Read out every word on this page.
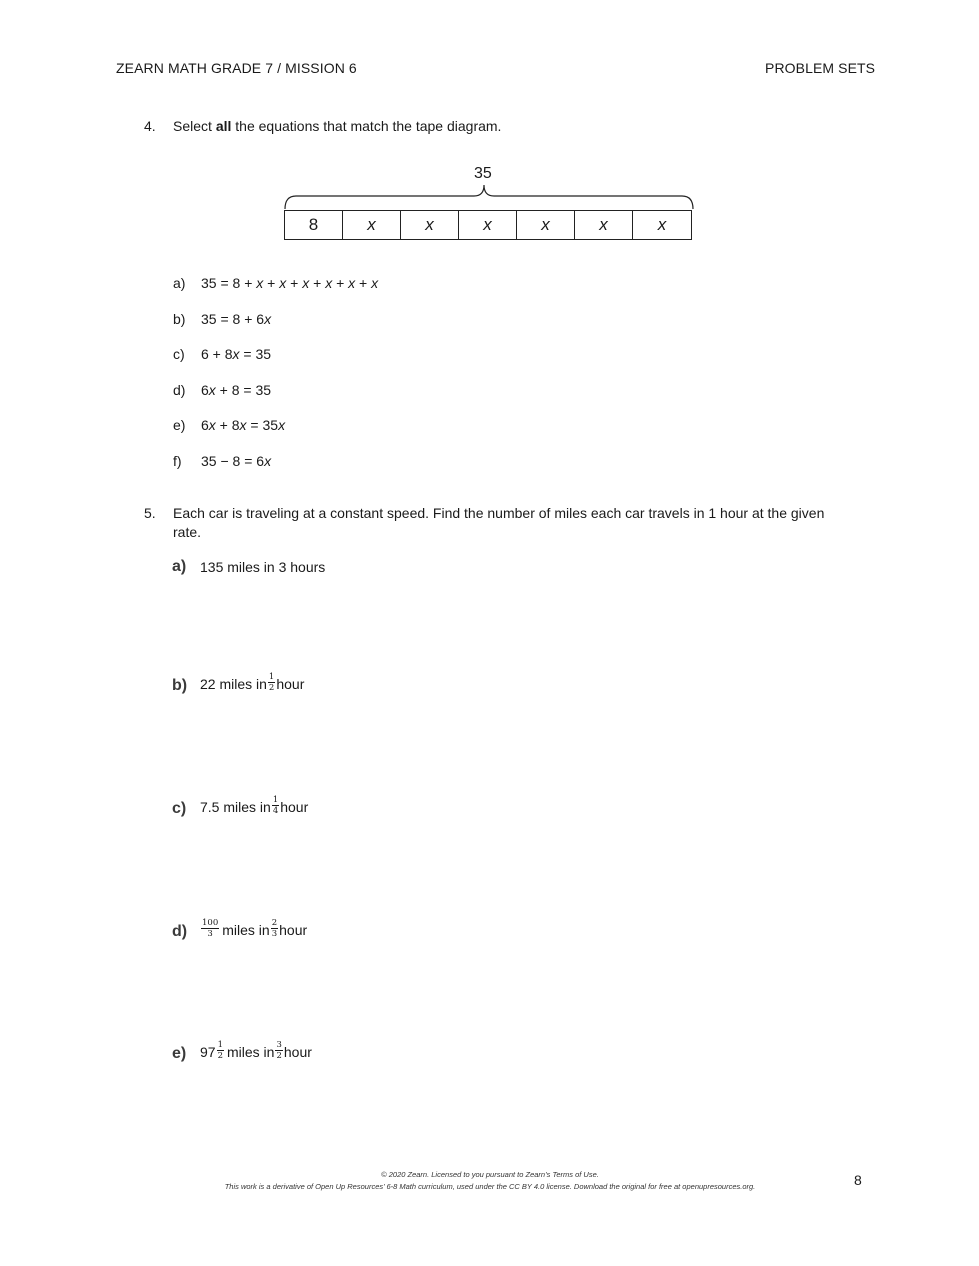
ZEARN MATH GRADE 7 / MISSION 6	PROBLEM SETS
4. Select all the equations that match the tape diagram.
35
8	x	x	x	x	x	x
a) 35 = 8 + x + x + x + x + x + x
b) 35 = 8 + 6x
c) 6 + 8x = 35
d) 6x + 8 = 35
e) 6x + 8x = 35x
f) 35 − 8 = 6x
5. Each car is traveling at a constant speed. Find the number of miles each car travels in 1 hour at the given
rate.
a) 135 miles in 3 hours
b) 22 miles in $\frac{1}{2}$ hour
c) 7.5 miles in $\frac{1}{4}$ hour
$d) \frac{100}{3}$ miles in $\frac{2}{3}$ hour
e) $97 \frac{1}{2}$ miles in $\frac{3}{2}$ hour
© 2020 Zearn. Licensed to you pursuant to Zearn’s Terms of Use.
This work is a derivative of Open Up Resources’ 6-8 Math curriculum, used under the CC BY 4.0 license. Download the original for free at openupresources.org.	8
